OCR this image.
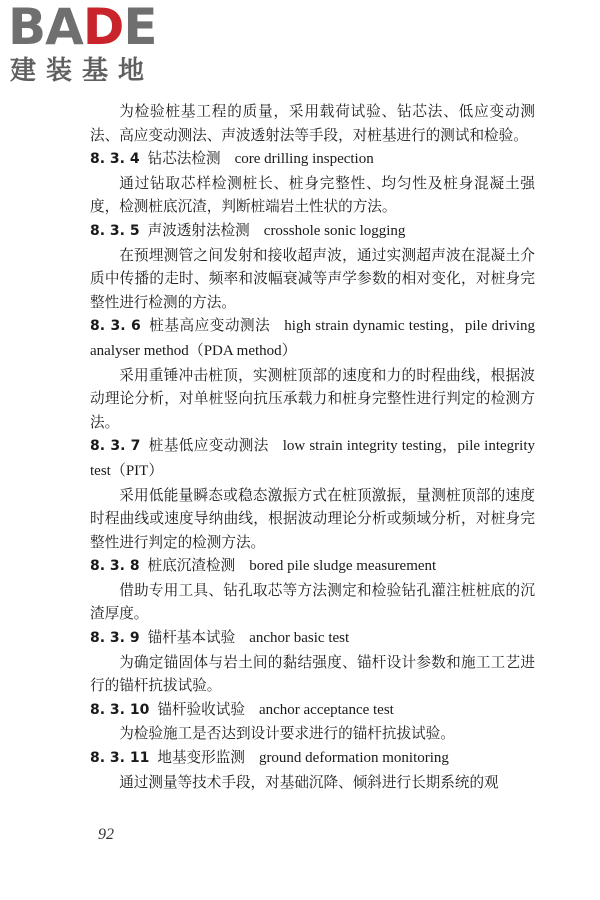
BADE
建装基地

为检验桩基工程的质量，采用载荷试验、钻芯法、低应变动测法、高应变动测法、声波透射法等手段，对桩基进行的测试和检验。

8. 3. 4 钻芯法检测 core drilling inspection

通过钻取芯样检测桩长、桩身完整性、均匀性及桩身混凝土强度，检测桩底沉渣，判断桩端岩土性状的方法。

8. 3. 5 声波透射法检测 crosshole sonic logging

在预埋测管之间发射和接收超声波，通过实测超声波在混凝土介质中传播的走时、频率和波幅衰减等声学参数的相对变化，对桩身完整性进行检测的方法。

8. 3. 6 桩基高应变动测法 high strain dynamic testing，pile driving analyser method（PDA method）

采用重锤冲击桩顶，实测桩顶部的速度和力的时程曲线，根据波动理论分析，对单桩竖向抗压承载力和桩身完整性进行判定的检测方法。

8. 3. 7 桩基低应变动测法 low strain integrity testing，pile integrity test（PIT）

采用低能量瞬态或稳态激振方式在桩顶激振，量测桩顶部的速度时程曲线或速度导纳曲线，根据波动理论分析或频域分析，对桩身完整性进行判定的检测方法。

8. 3. 8 桩底沉渣检测 bored pile sludge measurement

借助专用工具、钻孔取芯等方法测定和检验钻孔灌注桩桩底的沉渣厚度。

8. 3. 9 锚杆基本试验 anchor basic test

为确定锚固体与岩土间的黏结强度、锚杆设计参数和施工工艺进行的锚杆抗拔试验。

8. 3. 10 锚杆验收试验 anchor acceptance test

为检验施工是否达到设计要求进行的锚杆抗拔试验。

8. 3. 11 地基变形监测 ground deformation monitoring

通过测量等技术手段，对基础沉降、倾斜进行长期系统的观

92
